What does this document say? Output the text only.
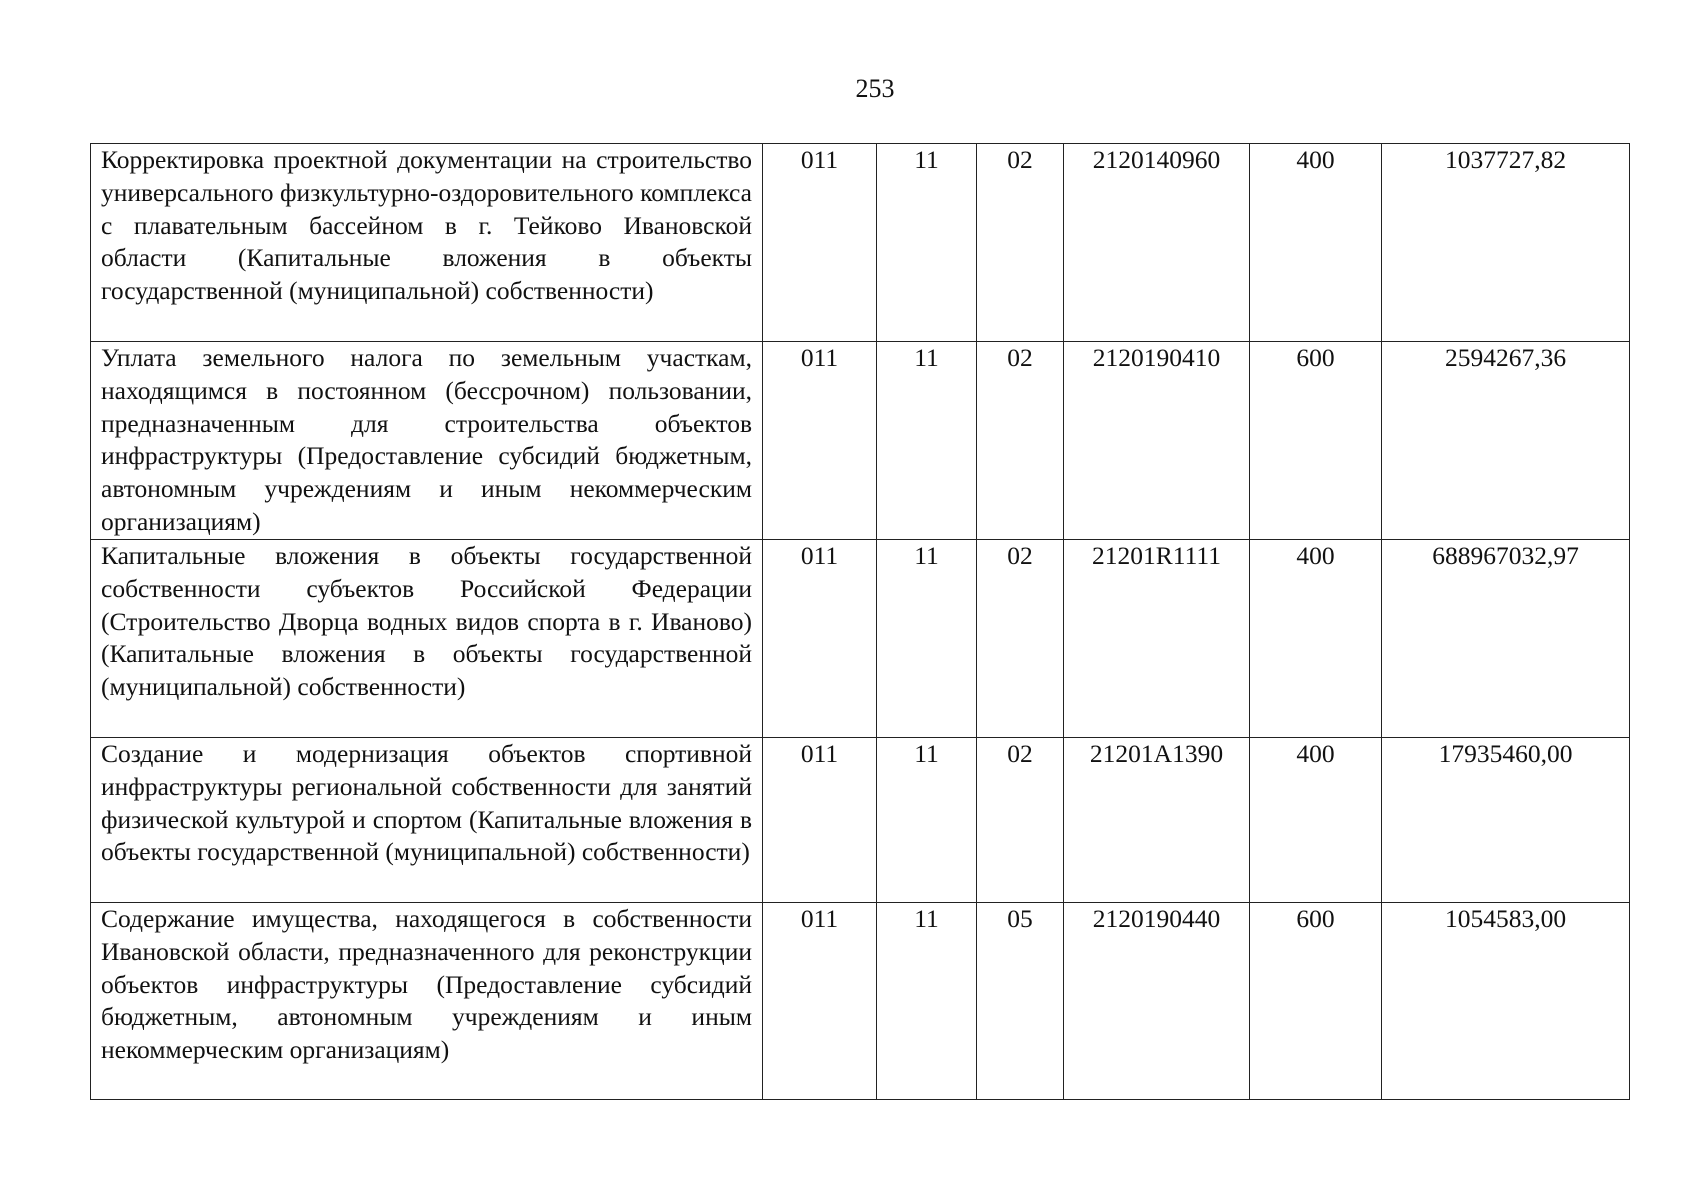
253
Корректировка проектной документации на строительство универсального физкультурно-оздоровительного комплекса с плавательным бассейном в г. Тейково Ивановской области (Капитальные вложения в объекты государственной (муниципальной) собственности)	011	11	02	2120140960	400	1037727,82
Уплата земельного налога по земельным участкам, находящимся в постоянном (бессрочном) пользовании, предназначенным для строительства объектов инфраструктуры (Предоставление субсидий бюджетным, автономным учреждениям и иным некоммерческим организациям)	011	11	02	2120190410	600	2594267,36
Капитальные вложения в объекты государственной собственности субъектов Российской Федерации (Строительство Дворца водных видов спорта в г. Иваново) (Капитальные вложения в объекты государственной (муниципальной) собственности)	011	11	02	21201R1111	400	688967032,97
Создание и модернизация объектов спортивной инфраструктуры региональной собственности для занятий физической культурой и спортом (Капитальные вложения в объекты государственной (муниципальной) собственности)	011	11	02	21201A1390	400	17935460,00
Содержание имущества, находящегося в собственности Ивановской области, предназначенного для реконструкции объектов инфраструктуры (Предоставление субсидий бюджетным, автономным учреждениям и иным некоммерческим организациям)	011	11	05	2120190440	600	1054583,00
